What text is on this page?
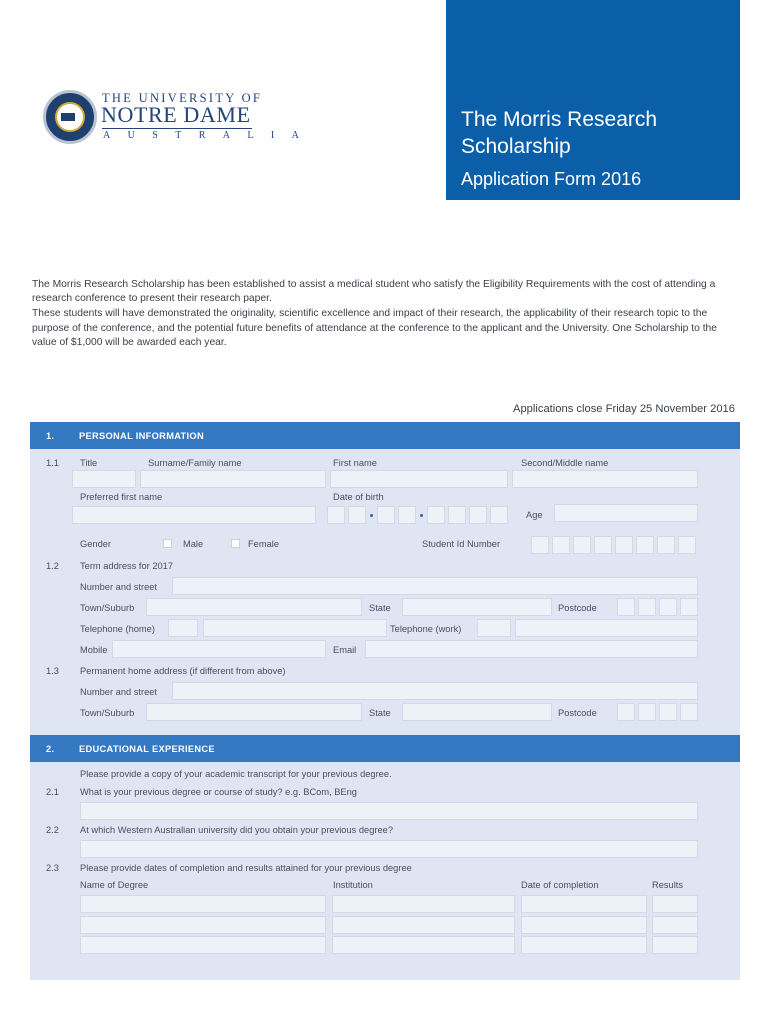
THE UNIVERSITY OF
NOTRE DAME
AUSTRALIA
The Morris Research Scholarship
Application Form 2016

The Morris Research Scholarship has been established to assist a medical student who satisfy the Eligibility Requirements with the cost of attending a research conference to present their research paper.

These students will have demonstrated the originality, scientific excellence and impact of their research, the applicability of their research topic to the purpose of the conference, and the potential future benefits of attendance at the conference to the applicant and the University. One Scholarship to the value of $1,000 will be awarded each year.

Applications close Friday 25 November 2016
1.	PERSONAL INFORMATION
1.1 Title	Surname/Family name	First name	Second/Middle name
Preferred first name	Date of birth
Age
Gender	Male	Female	Student Id Number
1.2 Term address for 2017
Number and street
Town/Suburb	State	Postcode
Telephone (home)	Telephone (work)
Mobile	Email
1.3 Permanent home address (if different from above)
Number and street
Town/Suburb	State	Postcode
2.	EDUCATIONAL EXPERIENCE
Please provide a copy of your academic transcript for your previous degree.
2.1 What is your previous degree or course of study? e.g. BCom, BEng
2.2 At which Western Australian university did you obtain your previous degree?
2.3 Please provide dates of completion and results attained for your previous degree
Name of Degree	Institution	Date of completion	Results
